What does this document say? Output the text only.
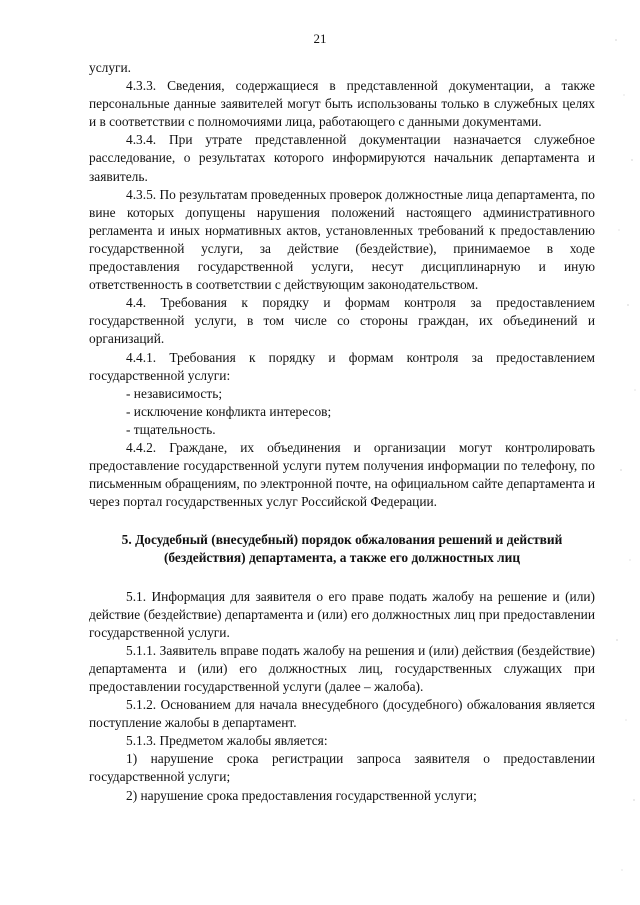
21

услуги.

4.3.3. Сведения, содержащиеся в представленной документации, а также персональные данные заявителей могут быть использованы только в служебных целях и в соответствии с полномочиями лица, работающего с данными документами.

4.3.4. При утрате представленной документации назначается служебное расследование, о результатах которого информируются начальник департамента и заявитель.

4.3.5. По результатам проведенных проверок должностные лица департамента, по вине которых допущены нарушения положений настоящего административного регламента и иных нормативных актов, установленных требований к предоставлению государственной услуги, за действие (бездействие), принимаемое в ходе предоставления государственной услуги, несут дисциплинарную и иную ответственность в соответствии с действующим законодательством.

4.4. Требования к порядку и формам контроля за предоставлением государственной услуги, в том числе со стороны граждан, их объединений и организаций.

4.4.1. Требования к порядку и формам контроля за предоставлением государственной услуги:

- независимость;

- исключение конфликта интересов;

- тщательность.

4.4.2. Граждане, их объединения и организации могут контролировать предоставление государственной услуги путем получения информации по телефону, по письменным обращениям, по электронной почте, на официальном сайте департамента и через портал государственных услуг Российской Федерации.

5. Досудебный (внесудебный) порядок обжалования решений и действий (бездействия) департамента, а также его должностных лиц

5.1. Информация для заявителя о его праве подать жалобу на решение и (или) действие (бездействие) департамента и (или) его должностных лиц при предоставлении государственной услуги.

5.1.1. Заявитель вправе подать жалобу на решения и (или) действия (бездействие) департамента и (или) его должностных лиц, государственных служащих при предоставлении государственной услуги (далее – жалоба).

5.1.2. Основанием для начала внесудебного (досудебного) обжалования является поступление жалобы в департамент.

5.1.3. Предметом жалобы является:

1) нарушение срока регистрации запроса заявителя о предоставлении государственной услуги;

2) нарушение срока предоставления государственной услуги;
